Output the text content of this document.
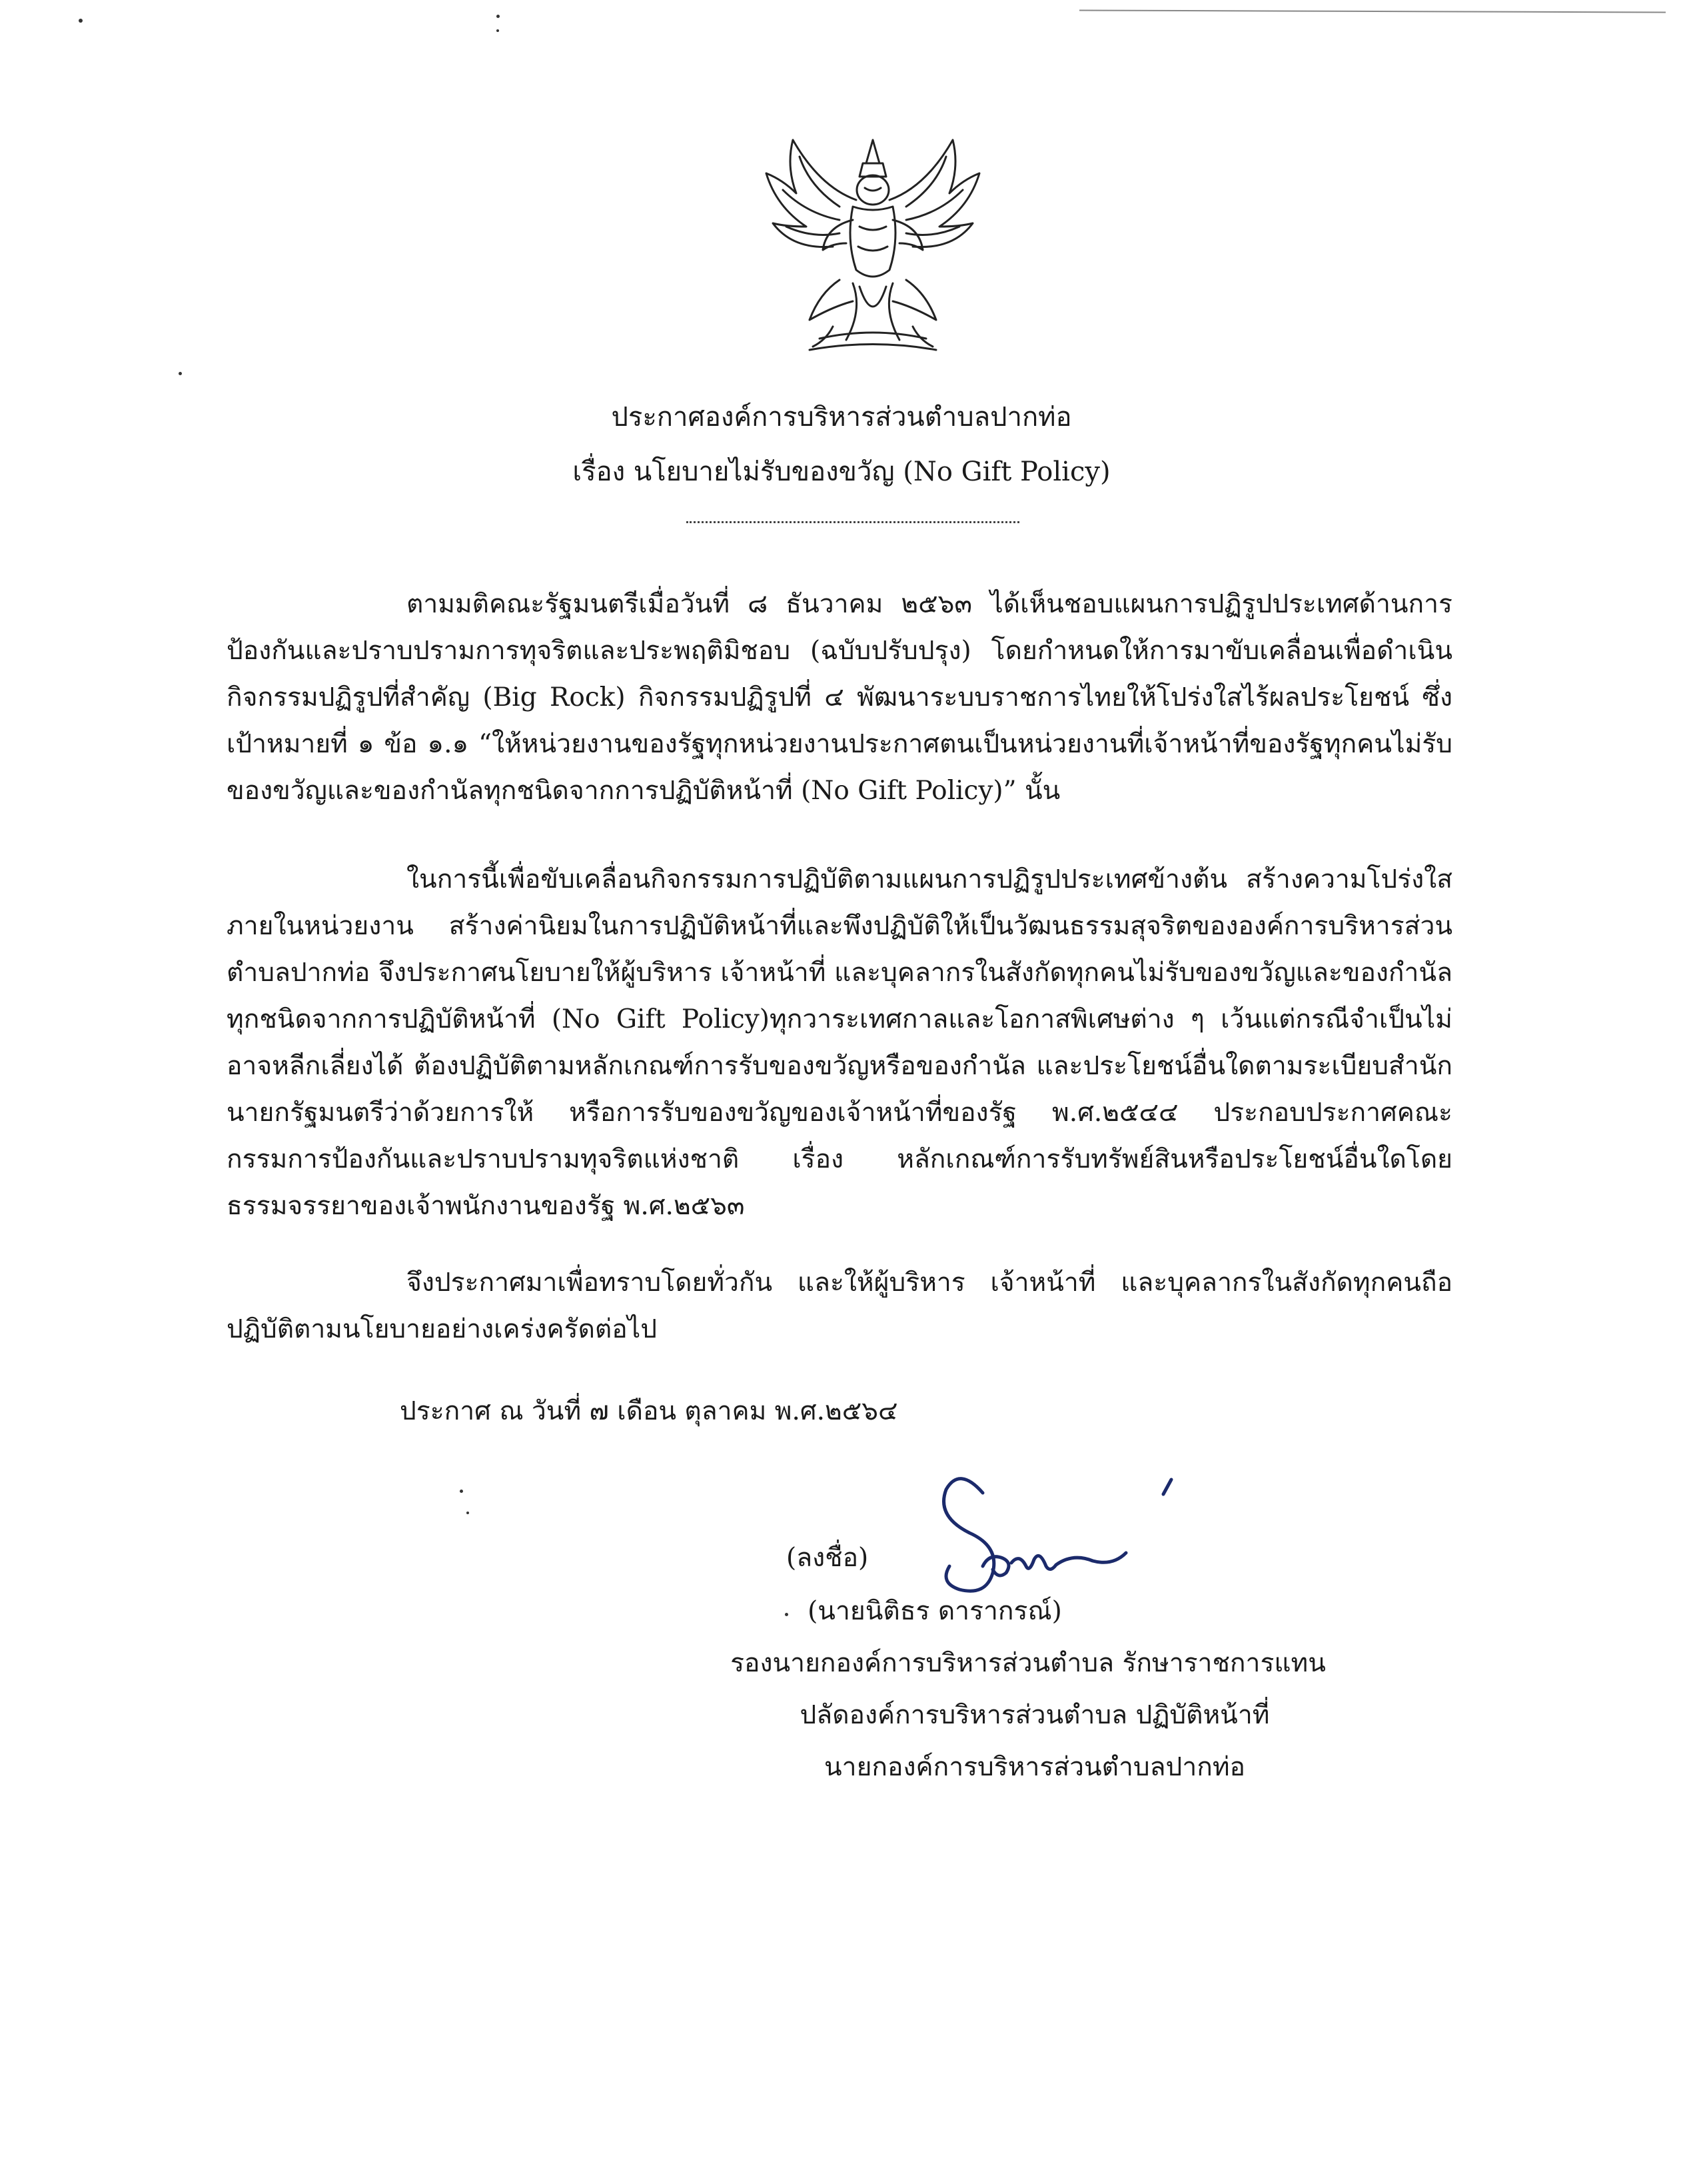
ประกาศองค์การบริหารส่วนตำบลปากท่อ
เรื่อง นโยบายไม่รับของขวัญ (No Gift Policy)

ตามมติคณะรัฐมนตรีเมื่อวันที่ ๘ ธันวาคม ๒๕๖๓ ได้เห็นชอบแผนการปฏิรูปประเทศด้านการป้องกันและปราบปรามการทุจริตและประพฤติมิชอบ (ฉบับปรับปรุง) โดยกำหนดให้การมาขับเคลื่อนเพื่อดำเนินกิจกรรมปฏิรูปที่สำคัญ (Big Rock) กิจกรรมปฏิรูปที่ ๔ พัฒนาระบบราชการไทยให้โปร่งใสไร้ผลประโยชน์ ซึ่งเป้าหมายที่ ๑ ข้อ ๑.๑ “ให้หน่วยงานของรัฐทุกหน่วยงานประกาศตนเป็นหน่วยงานที่เจ้าหน้าที่ของรัฐทุกคนไม่รับของขวัญและของกำนัลทุกชนิดจากการปฏิบัติหน้าที่ (No Gift Policy)” นั้น

ในการนี้เพื่อขับเคลื่อนกิจกรรมการปฏิบัติตามแผนการปฏิรูปประเทศข้างต้น สร้างความโปร่งใสภายในหน่วยงาน สร้างค่านิยมในการปฏิบัติหน้าที่และพึงปฏิบัติให้เป็นวัฒนธรรมสุจริตขององค์การบริหารส่วนตำบลปากท่อ จึงประกาศนโยบายให้ผู้บริหาร เจ้าหน้าที่ และบุคลากรในสังกัดทุกคนไม่รับของขวัญและของกำนัลทุกชนิดจากการปฏิบัติหน้าที่ (No Gift Policy)ทุกวาระเทศกาลและโอกาสพิเศษต่าง ๆ เว้นแต่กรณีจำเป็นไม่อาจหลีกเลี่ยงได้ ต้องปฏิบัติตามหลักเกณฑ์การรับของขวัญหรือของกำนัล และประโยชน์อื่นใดตามระเบียบสำนักนายกรัฐมนตรีว่าด้วยการให้ หรือการรับของขวัญของเจ้าหน้าที่ของรัฐ พ.ศ.๒๕๔๔ ประกอบประกาศคณะกรรมการป้องกันและปราบปรามทุจริตแห่งชาติ เรื่อง หลักเกณฑ์การรับทรัพย์สินหรือประโยชน์อื่นใดโดยธรรมจรรยาของเจ้าพนักงานของรัฐ พ.ศ.๒๕๖๓

จึงประกาศมาเพื่อทราบโดยทั่วกัน และให้ผู้บริหาร เจ้าหน้าที่ และบุคลากรในสังกัดทุกคนถือปฏิบัติตามนโยบายอย่างเคร่งครัดต่อไป

ประกาศ ณ วันที่ ๗ เดือน ตุลาคม พ.ศ.๒๕๖๔

(ลงชื่อ)

(นายนิติธร ดารากรณ์)

รองนายกองค์การบริหารส่วนตำบล รักษาราชการแทน

ปลัดองค์การบริหารส่วนตำบล ปฏิบัติหน้าที่

นายกองค์การบริหารส่วนตำบลปากท่อ
